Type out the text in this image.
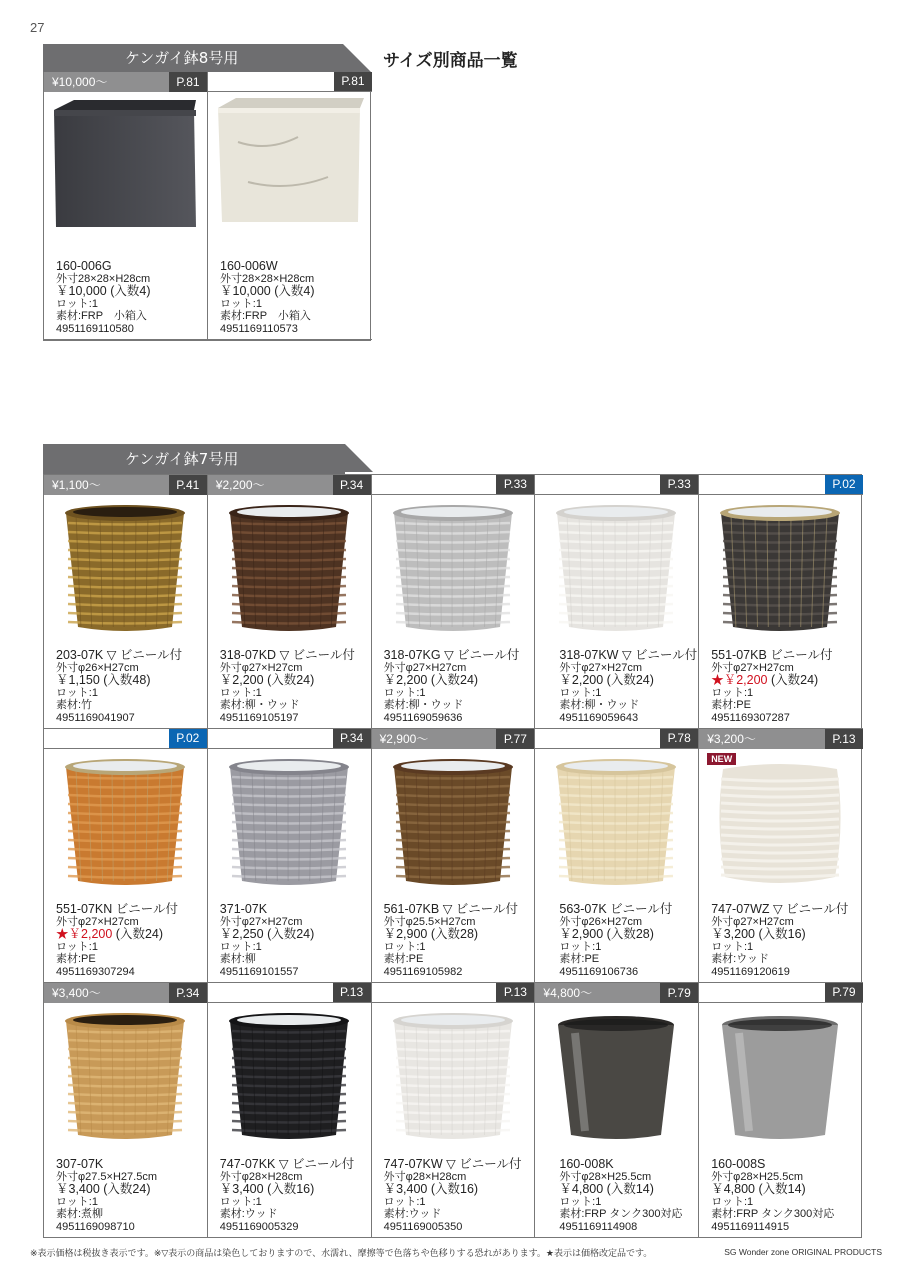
27
サイズ別商品一覧
ケンガイ鉢8号用
¥10,000～	P.81
160-006G
外寸28×28×H28cm
￥10,000 (入数4)
ロット:1
素材:FRP　小箱入
4951169110580
P.81
160-006W
外寸28×28×H28cm
￥10,000 (入数4)
ロット:1
素材:FRP　小箱入
4951169110573
ケンガイ鉢7号用
¥1,100～	P.41
203-07K ▽ ビニール付
外寸φ26×H27cm
￥1,150 (入数48)
ロット:1
素材:竹
4951169041907
¥2,200～	P.34
318-07KD ▽ ビニール付
外寸φ27×H27cm
￥2,200 (入数24)
ロット:1
素材:柳・ウッド
4951169105197
P.33
318-07KG ▽ ビニール付
外寸φ27×H27cm
￥2,200 (入数24)
ロット:1
素材:柳・ウッド
4951169059636
P.33
318-07KW ▽ ビニール付
外寸φ27×H27cm
￥2,200 (入数24)
ロット:1
素材:柳・ウッド
4951169059643
P.02
551-07KB ビニール付
外寸φ27×H27cm
★￥2,200 (入数24)
ロット:1
素材:PE
4951169307287
P.02
551-07KN ビニール付
外寸φ27×H27cm
★￥2,200 (入数24)
ロット:1
素材:PE
4951169307294
P.34
371-07K
外寸φ27×H27cm
￥2,250 (入数24)
ロット:1
素材:柳
4951169101557
¥2,900～	P.77
561-07KB ▽ ビニール付
外寸φ25.5×H27cm
￥2,900 (入数28)
ロット:1
素材:PE
4951169105982
P.78
563-07K ビニール付
外寸φ26×H27cm
￥2,900 (入数28)
ロット:1
素材:PE
4951169106736
¥3,200～	P.13
NEW
747-07WZ ▽ ビニール付
外寸φ27×H27cm
￥3,200 (入数16)
ロット:1
素材:ウッド
4951169120619
¥3,400～	P.34
307-07K
外寸φ27.5×H27.5cm
￥3,400 (入数24)
ロット:1
素材:煮柳
4951169098710
P.13
747-07KK ▽ ビニール付
外寸φ28×H28cm
￥3,400 (入数16)
ロット:1
素材:ウッド
4951169005329
P.13
747-07KW ▽ ビニール付
外寸φ28×H28cm
￥3,400 (入数16)
ロット:1
素材:ウッド
4951169005350
¥4,800～	P.79
160-008K
外寸φ28×H25.5cm
￥4,800 (入数14)
ロット:1
素材:FRP タンク300対応
4951169114908
P.79
160-008S
外寸φ28×H25.5cm
￥4,800 (入数14)
ロット:1
素材:FRP タンク300対応
4951169114915
※表示価格は税抜き表示です。※▽表示の商品は染色しておりますので、水濡れ、摩擦等で色落ちや色移りする恐れがあります。★表示は価格改定品です。	SG Wonder zone ORIGINAL PRODUCTS
